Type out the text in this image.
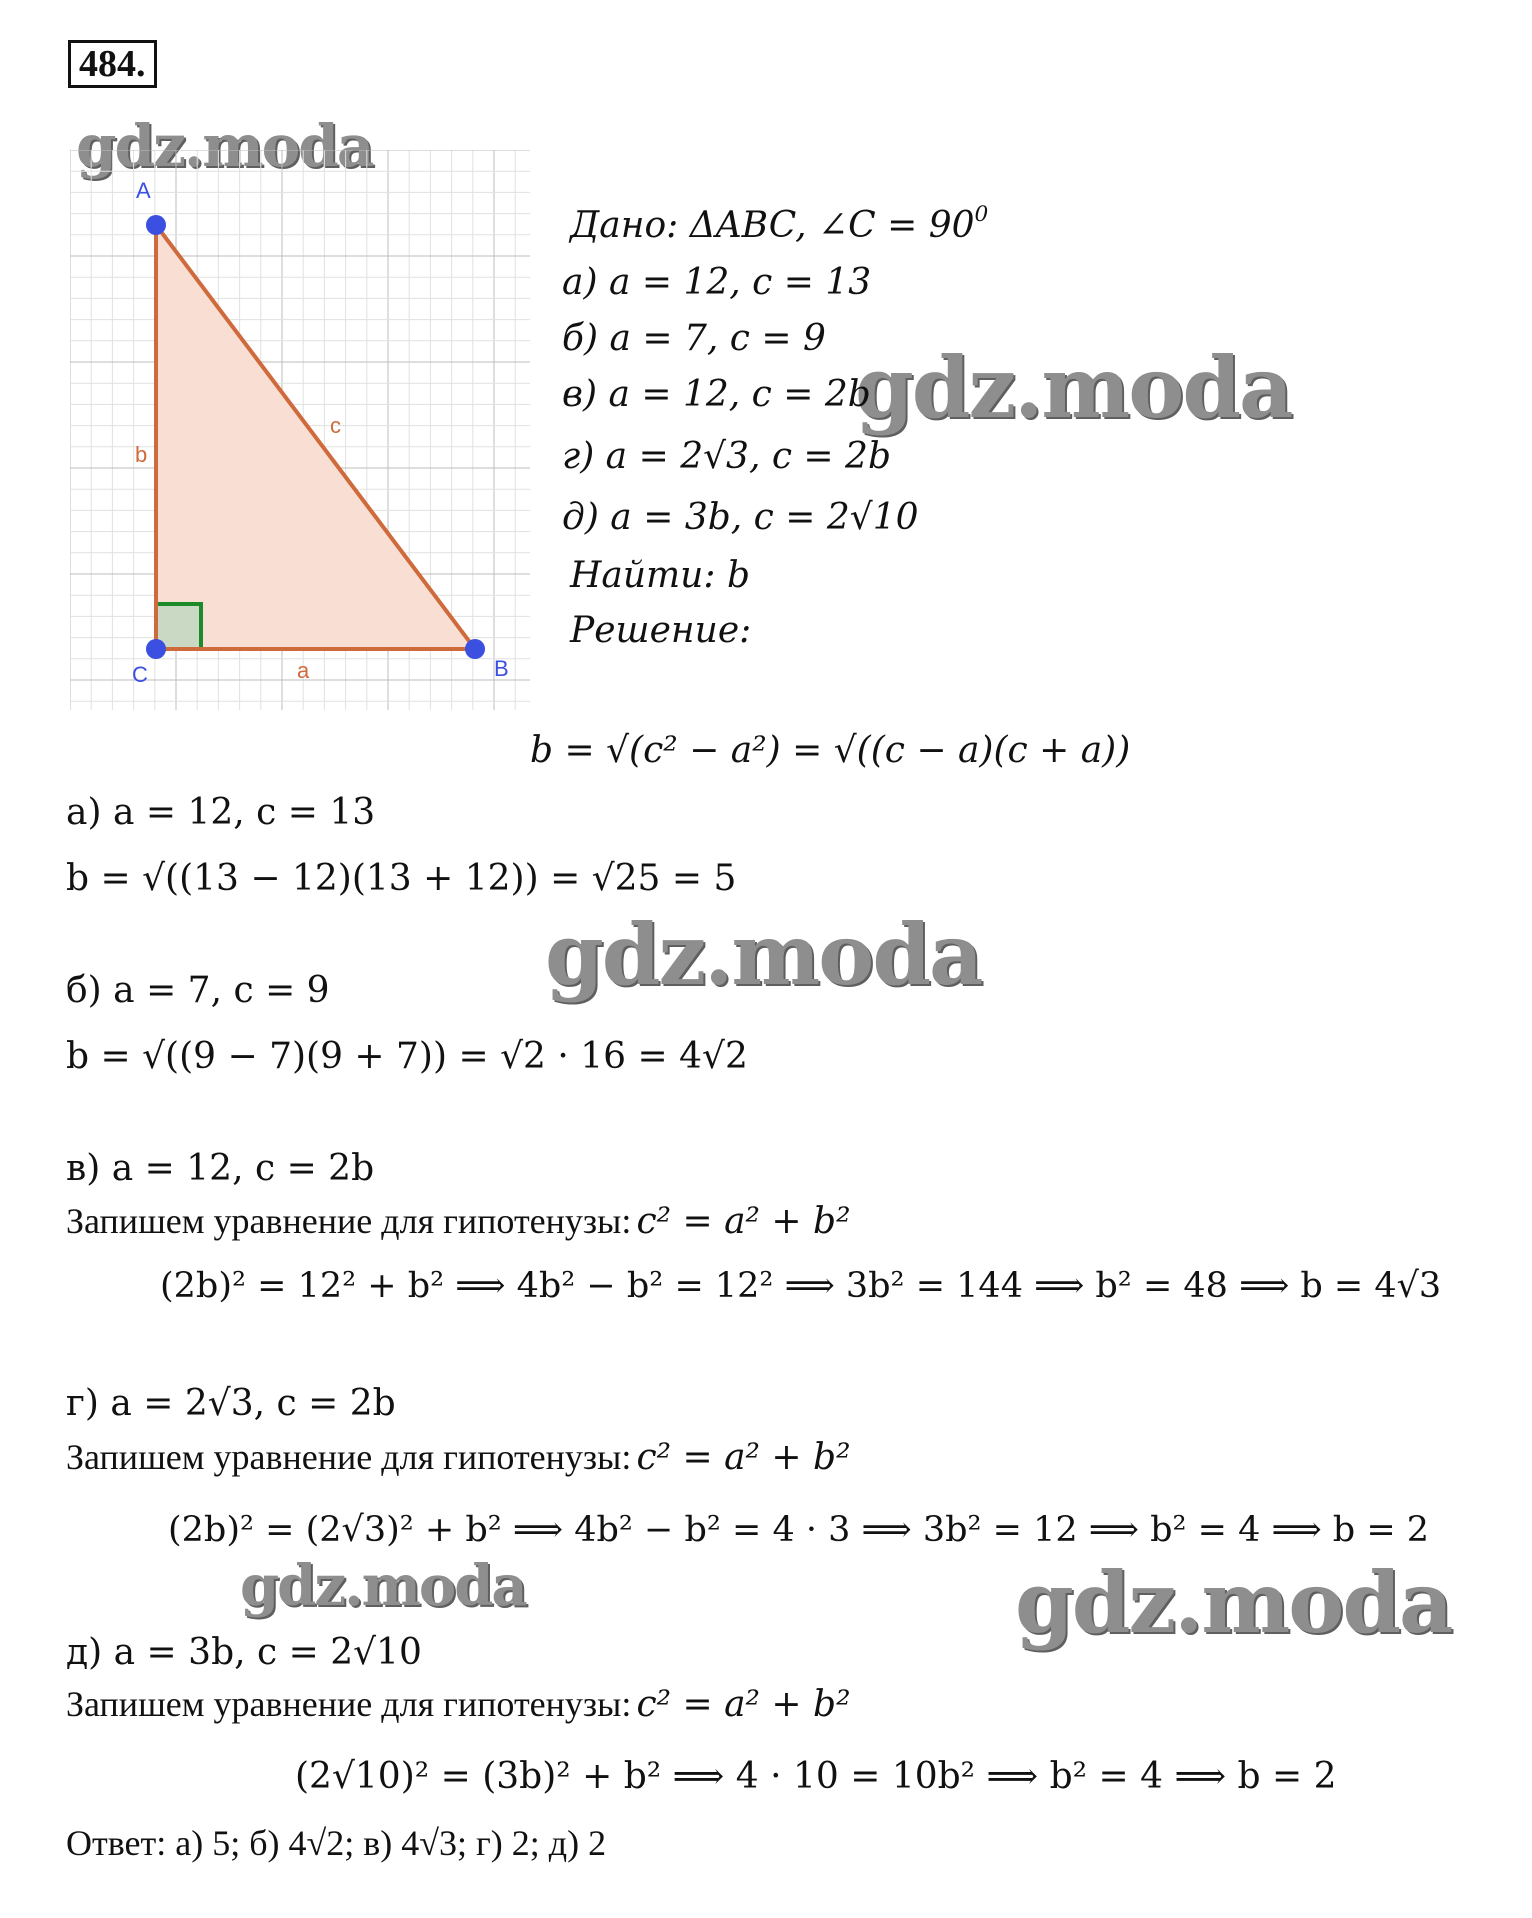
484.
gdz.moda
gdz.moda
gdz.moda
gdz.moda	gdz.moda
A
C	B
b
c
a
Дано: ΔABC, ∠C = $90^0$
а) a = 12, c = 13
б) a = 7, c = 9
в) a = 12, c = 2b
г) a = 2√3, c = 2b
д) a = 3b, c = 2√10
Найти: b
Решение:
b = √(c² − a²) = √((c − a)(c + a))
а) a = 12, c = 13
b = √((13 − 12)(13 + 12)) = √25 = 5
б) a = 7, c = 9
b = √((9 − 7)(9 + 7)) = √2 · 16 = 4√2
в) a = 12, c = 2b
Запишем уравнение для гипотенузы: c² = a² + b²
(2b)² = 12² + b² ⟹ 4b² − b² = 12² ⟹ 3b² = 144 ⟹ b² = 48 ⟹ b = 4√3
г) a = 2√3, c = 2b
Запишем уравнение для гипотенузы: c² = a² + b²
(2b)² = (2√3)² + b² ⟹ 4b² − b² = 4 · 3 ⟹ 3b² = 12 ⟹ b² = 4 ⟹ b = 2
д) a = 3b, c = 2√10
Запишем уравнение для гипотенузы: c² = a² + b²
(2√10)² = (3b)² + b² ⟹ 4 · 10 = 10b² ⟹ b² = 4 ⟹ b = 2
Ответ: а) 5; б) 4√2; в) 4√3; г) 2; д) 2
